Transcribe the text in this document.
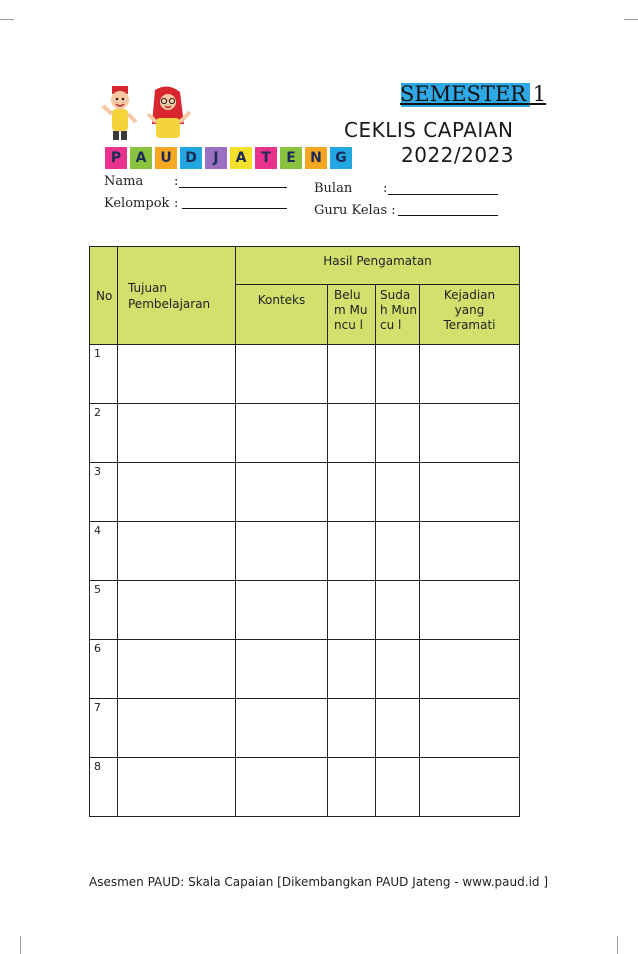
P	A U D	J	A	T	E	N G
SEMESTER 1
CEKLIS CAPAIAN
2022/2023
Nama :
Kelompok :
Bulan :
Guru Kelas :
No	Tujuan Pembelajaran	Hasil Pengamatan			
		Konteks	Belu m Muncu l	Sudah Muncu l	Kejadian yang Teramati
1					
2					
3					
4					
5					
6					
7					
8					
Asesmen PAUD: Skala Capaian [Dikembangkan PAUD Jateng - www.paud.id ]
